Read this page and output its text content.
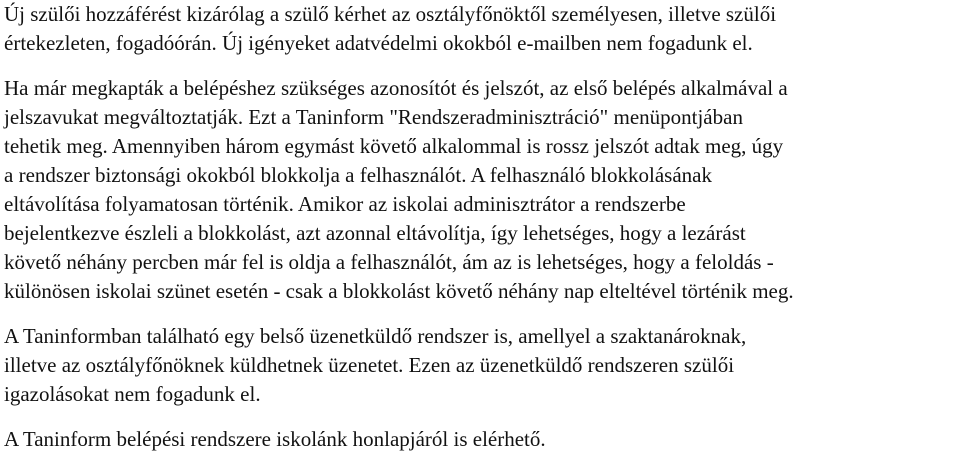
Új szülői hozzáférést kizárólag a szülő kérhet az osztályfőnöktől személyesen, illetve szülői
értekezleten, fogadóórán. Új igényeket adatvédelmi okokból e-mailben nem fogadunk el.
Ha már megkapták a belépéshez szükséges azonosítót és jelszót, az első belépés alkalmával a
jelszavukat megváltoztatják. Ezt a Taninform "Rendszeradminisztráció" menüpontjában
tehetik meg. Amennyiben három egymást követő alkalommal is rossz jelszót adtak meg, úgy
a rendszer biztonsági okokból blokkolja a felhasználót. A felhasználó blokkolásának
eltávolítása folyamatosan történik. Amikor az iskolai adminisztrátor a rendszerbe
bejelentkezve észleli a blokkolást, azt azonnal eltávolítja, így lehetséges, hogy a lezárást
követő néhány percben már fel is oldja a felhasználót, ám az is lehetséges, hogy a feloldás -
különösen iskolai szünet esetén - csak a blokkolást követő néhány nap elteltével történik meg.
A Taninformban található egy belső üzenetküldő rendszer is, amellyel a szaktanároknak,
illetve az osztályfőnöknek küldhetnek üzenetet. Ezen az üzenetküldő rendszeren szülői
igazolásokat nem fogadunk el.
A Taninform belépési rendszere iskolánk honlapjáról is elérhető.
